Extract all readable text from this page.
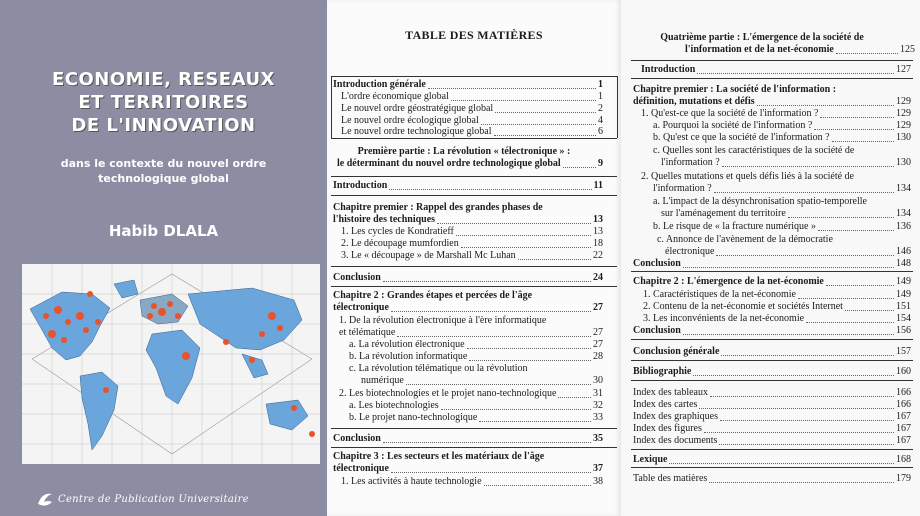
ECONOMIE, RESEAUX
ET TERRITOIRES
DE L'INNOVATION
dans le contexte du nouvel ordre
technologique global
Habib DLALA
Centre de Publication Universitaire
TABLE DES MATIÈRES
Introduction générale	1
L'ordre économique global	1
Le nouvel ordre géostratégique global	2
Le nouvel ordre écologique global	4
Le nouvel ordre technologique global	6
Première partie : La révolution « télectronique » :
le déterminant du nouvel ordre technologique global	9
Introduction	11
Chapitre premier : Rappel des grandes phases de
l'histoire des techniques	13
1. Les cycles de Kondratieff	13
2. Le découpage mumfordien	18
3. Le « découpage » de Marshall Mc Luhan	22
Conclusion	24
Chapitre 2 : Grandes étapes et percées de l'âge
télectronique	27
1. De la révolution électronique à l'ère informatique
et télématique	27
a. La révolution électronique	27
b. La révolution informatique	28
c. La révolution télématique ou la révolution
numérique	30
2. Les biotechnologies et le projet nano-technologique	31
a. Les biotechnologies	32
b. Le projet nano-technologique	33
Conclusion	35
Chapitre 3 : Les secteurs et les matériaux de l'âge
télectronique	37
1. Les activités à haute technologie	38
Quatrième partie : L'émergence de la société de
l'information et de la net-économie	125
Introduction	127
Chapitre premier : La société de l'information :
définition, mutations et défis	129
1. Qu'est-ce que la société de l'information ?	129
a. Pourquoi la société de l'information ?	129
b. Qu'est ce que la société de l'information ?	130
c. Quelles sont les caractéristiques de la société de
l'information ?	130
2. Quelles mutations et quels défis liés à la société de
l'information ?	134
a. L'impact de la désynchronisation spatio-temporelle
sur l'aménagement du territoire	134
b. Le risque de « la fracture numérique »	136
c. Annonce de l'avènement de la démocratie
électronique	146
Conclusion	148
Chapitre 2 : L'émergence de la net-économie	149
1. Caractéristiques de la net-économie	149
2. Contenu de la net-économie et sociétés Internet	151
3. Les inconvénients de la net-économie	154
Conclusion	156
Conclusion générale	157
Bibliographie	160
Index des tableaux	166
Index des cartes	166
Index des graphiques	167
Index des figures	167
Index des documents	167
Lexique	168
Table des matières	179
